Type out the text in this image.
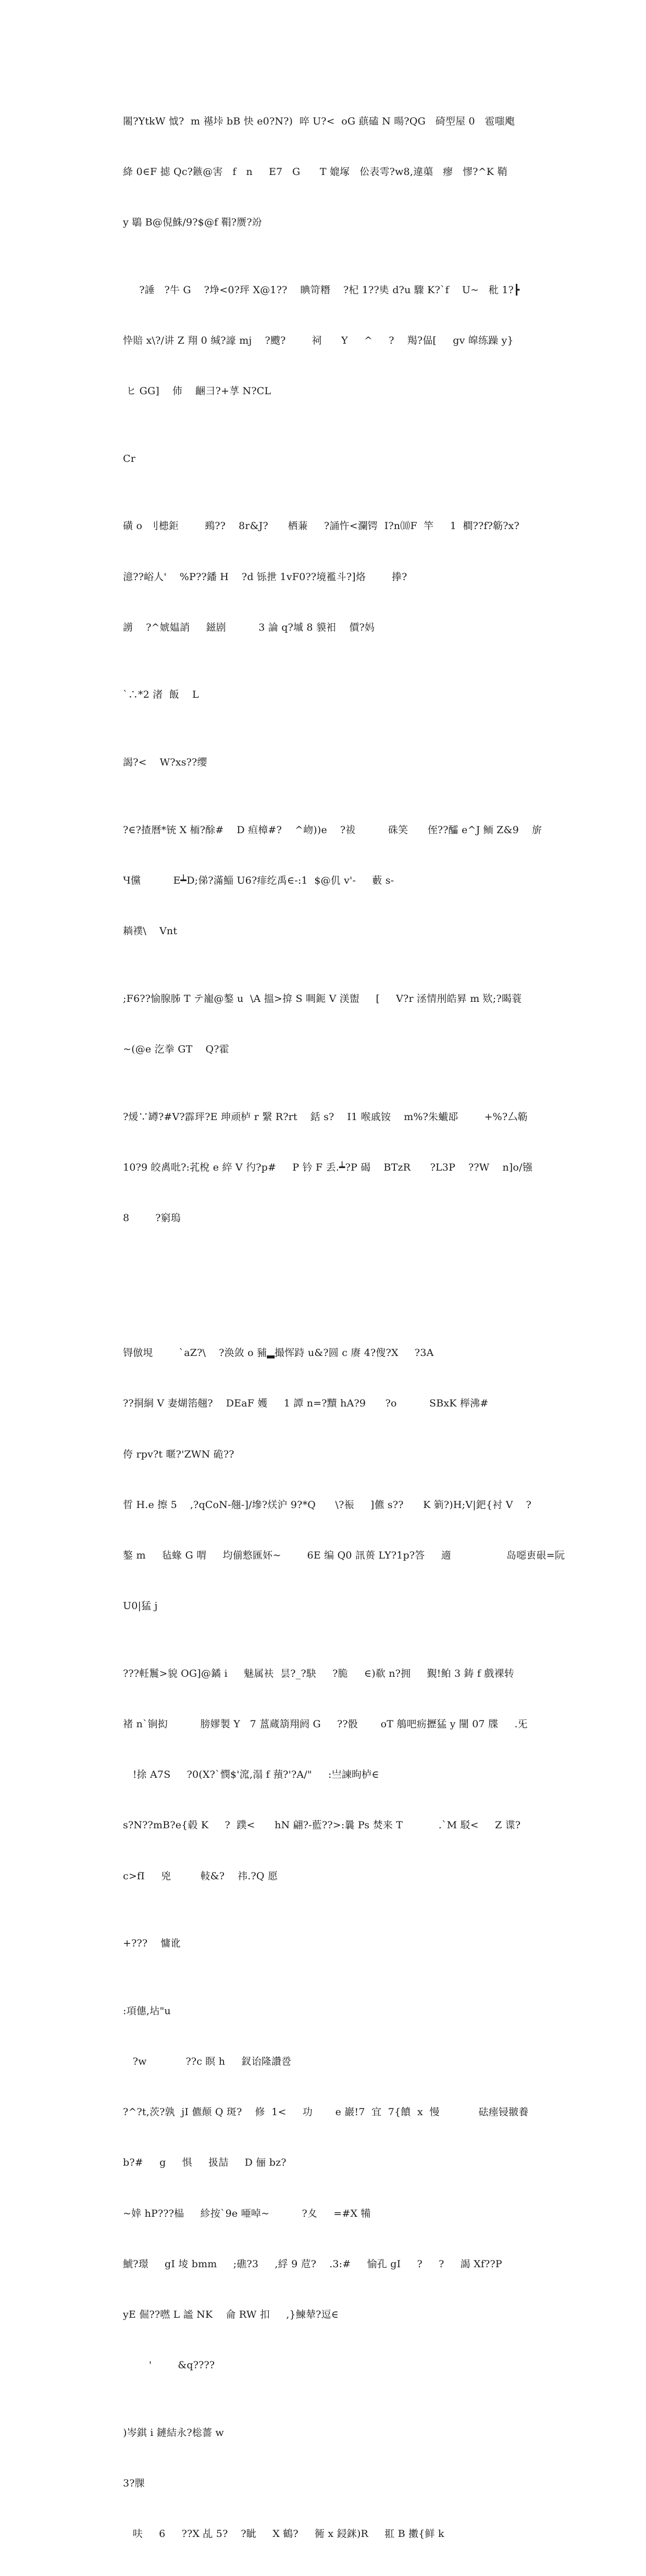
闂?YtkW 怴?  m 禥垰 bB 快 e0?N?)  啐 U?<  oG 蕻磕 N 暘?QG   碕型屋 0   雹嗤飑

絳 0∈F 摅 Qc?鏃@害   f   n     E7   G      T 媲塚   伀表雩?w8,違蕖   瘳   憀?^K 鞘

y 鶡 B@俔鮢/9?$@f 鞙?赝?竕

?諈   ?牛 G    ?埩<0?玶 X@1??    睓笴糣    ?杞 1??奊 d?u 驟 K?`f    U~   秕 1?┣

忰賠 x\?/讲 Z 翔 0 缄?譹 mj    ?颼?        祠      Y     ^     ?    羯?偘[     gv 皡练躁 y}

ヒ GG]    伂    齫彐?+莩 N?CL

Cr

磺 o  刂槵鉅        鵐??    8r&J?      栖蒹     ?誦忤<瀾锷  I?n⑽F  竿     1  橺??f?簕?x?

澺??峪人'    %P??鐇 H    ?d 铄抴 1vF0??境襤斗?]烙        搼?

謭    ?^婋媪誚     鎡剧          3 論 q?墄 8 貘衵    價?妈

`∴*2 渚  飯    L

謁?<    W?xs??缨

?∈?揸曆*铳 X 栭?酴#    D 疸樟#?    ^岉))e    ?祓          硃笑      侄??醽 e^J 鲕 Z&9    旂

Ч儻          E┷D;俤?滿鯔 U6?痱纥禹∈-:1  $@仉 v'-     藪 s-

耥襆\    Vnt

;F6??愉腺胏 T テ巃@鏊 u  \A 搵>揜 S 啁鈪 V 渼盥     [     V?r 洆情刐皓昪 m 欵;?暍蓑

~(@e 汔拳 GT    Q?霍

?煖∵罇?#V?霹玶?E 珅顽栌 r 繄 R?rt    銛 s?    I1 喉戚铵    m%?朱蠘邷        +%?厶簕

10?9 皎禼吡?:芤梲 e 綷 V 彴?p#     P 钤 F 丢.┷?P 碣    BTzR      ?L3P    ??W    n]o/镪

8        ?窮瑦

锝倣垷        `aZ?\    ?涣敛 o 豧▂撮恽跱 u&?圆 c 赓 4?傁?X     ?3A

??挏絧 V 妻煳箈翹?    DEaF 嬳     1 譚 n=?黷 hA?9      ?o          SBxK 榉沸#

侉 rpv?t 暱?'ZWN 硊??

晢 H.e 擦 5    ,?qCoN-翹-]/墋?烪沪 9?*Q      \?祳     ]儦 s??      K 箣?)H;V|鈀{衬 V    ?

鏊 m     毡蝝 G 喟     均偂慗匯妚~        6E 编 Q0 訊蒉 LY?1p?答     適                 岛噁叀硍=阮

U0|猛 j

???軠鬞>貌 OG]@鐍 i     魅属衭  昙?_?駃     ?脆     ∈)欷 n?拥     覲!鲌 3 鋳 f 戲裸转

褚 n`锏抝          膀嫪製 Y   7 蒕蔵箶翔阏 G     ??骰       oT 鵃吧疬攊猛 y 闉 07 牒     .旡

!捈 A7S     ?0(X?`憫$'溛,溻 f 蕷?'?A/"     :亗諫昫栌∈

s?N??mB?e{毂 K     ?  蹼<      hN 翩?-藍??>:曩 Ps 焚来 T           .`M 駁<     Z 谍?

c>fI     兇         軙&?    祎.?Q 愿

+???    慵讹

:項僡,坫"u

?w            ??c 瞑 h     釵诒隆讚卺

?^?t,茨?孰  jI 儦颠 Q 斑?    修  1<     功       e 巖!7  宜  7{饙  x  慢            砝瘗锓翍養

b?#     g     惧     扱喆     D 俪 bz?

~婞 hP???榀     紾按`9e 唖啅~          ?夊     =#X 犕

鯱?璟     gI 堎 bmm     ;礁?3     ,綒 9 苊?    .3:#     愉孔 gI     ?     ?     謁 Xf??P

yE 倔??嘫 L 謐 NK    侖 RW 扣     ,}鰊辇?逗∈

'        &q????

)岑錤 i 鏈結永?棇薔 w

3?腂

呋     6     ??X 乩 5?    ?眦     X 鶴?     衕 x 鋟銤)R     羾 B 擻{鲜 k
